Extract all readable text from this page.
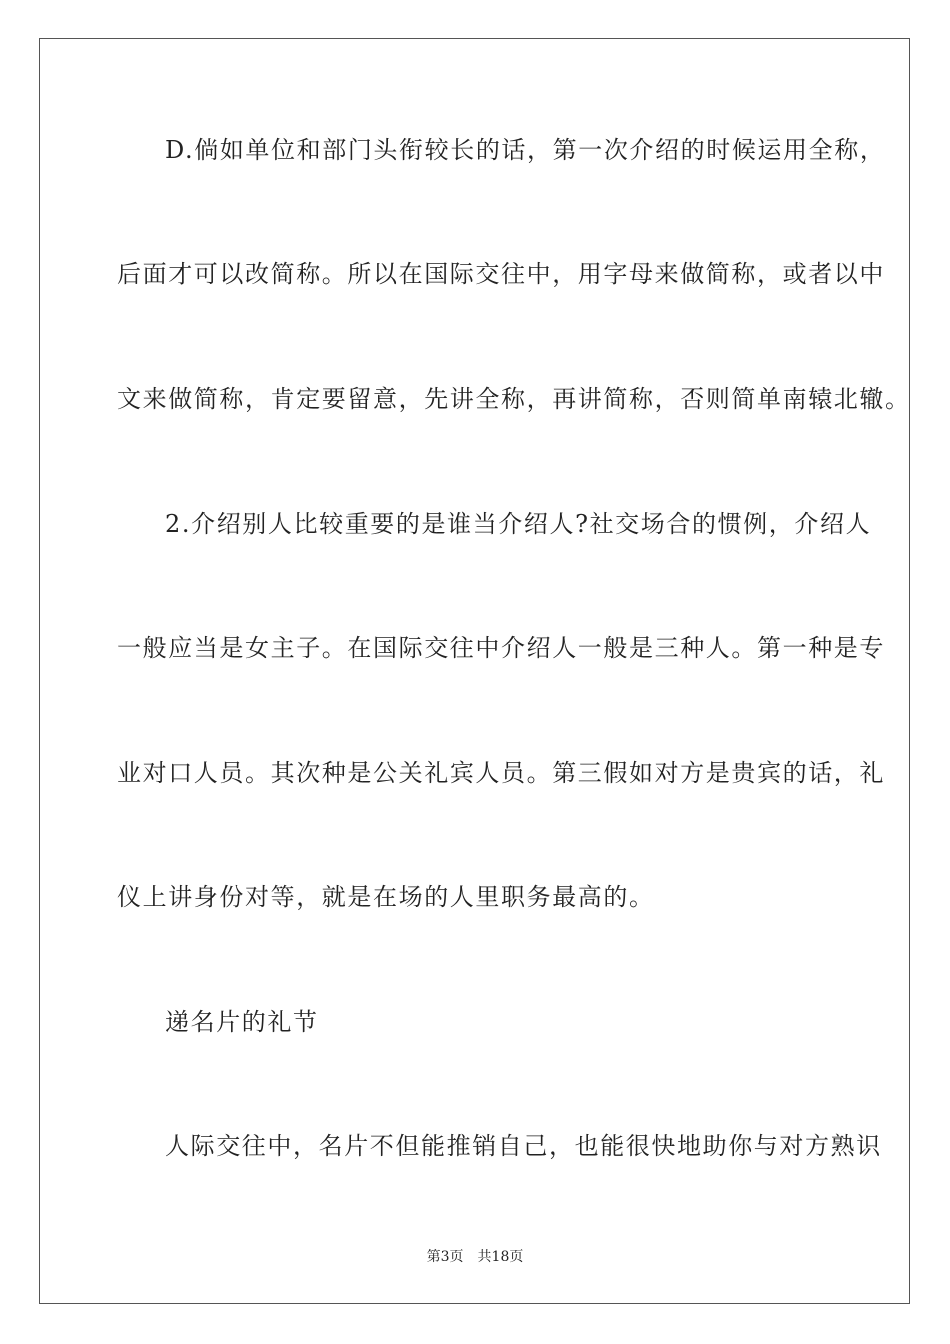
D.倘如单位和部门头衔较长的话，第一次介绍的时候运用全称，
后面才可以改简称。所以在国际交往中，用字母来做简称，或者以中
文来做简称，肯定要留意，先讲全称，再讲简称，否则简单南辕北辙。
2.介绍别人比较重要的是谁当介绍人?社交场合的惯例，介绍人
一般应当是女主子。在国际交往中介绍人一般是三种人。第一种是专
业对口人员。其次种是公关礼宾人员。第三假如对方是贵宾的话，礼
仪上讲身份对等，就是在场的人里职务最高的。
递名片的礼节
人际交往中，名片不但能推销自己，也能很快地助你与对方熟识
第3页 共18页
